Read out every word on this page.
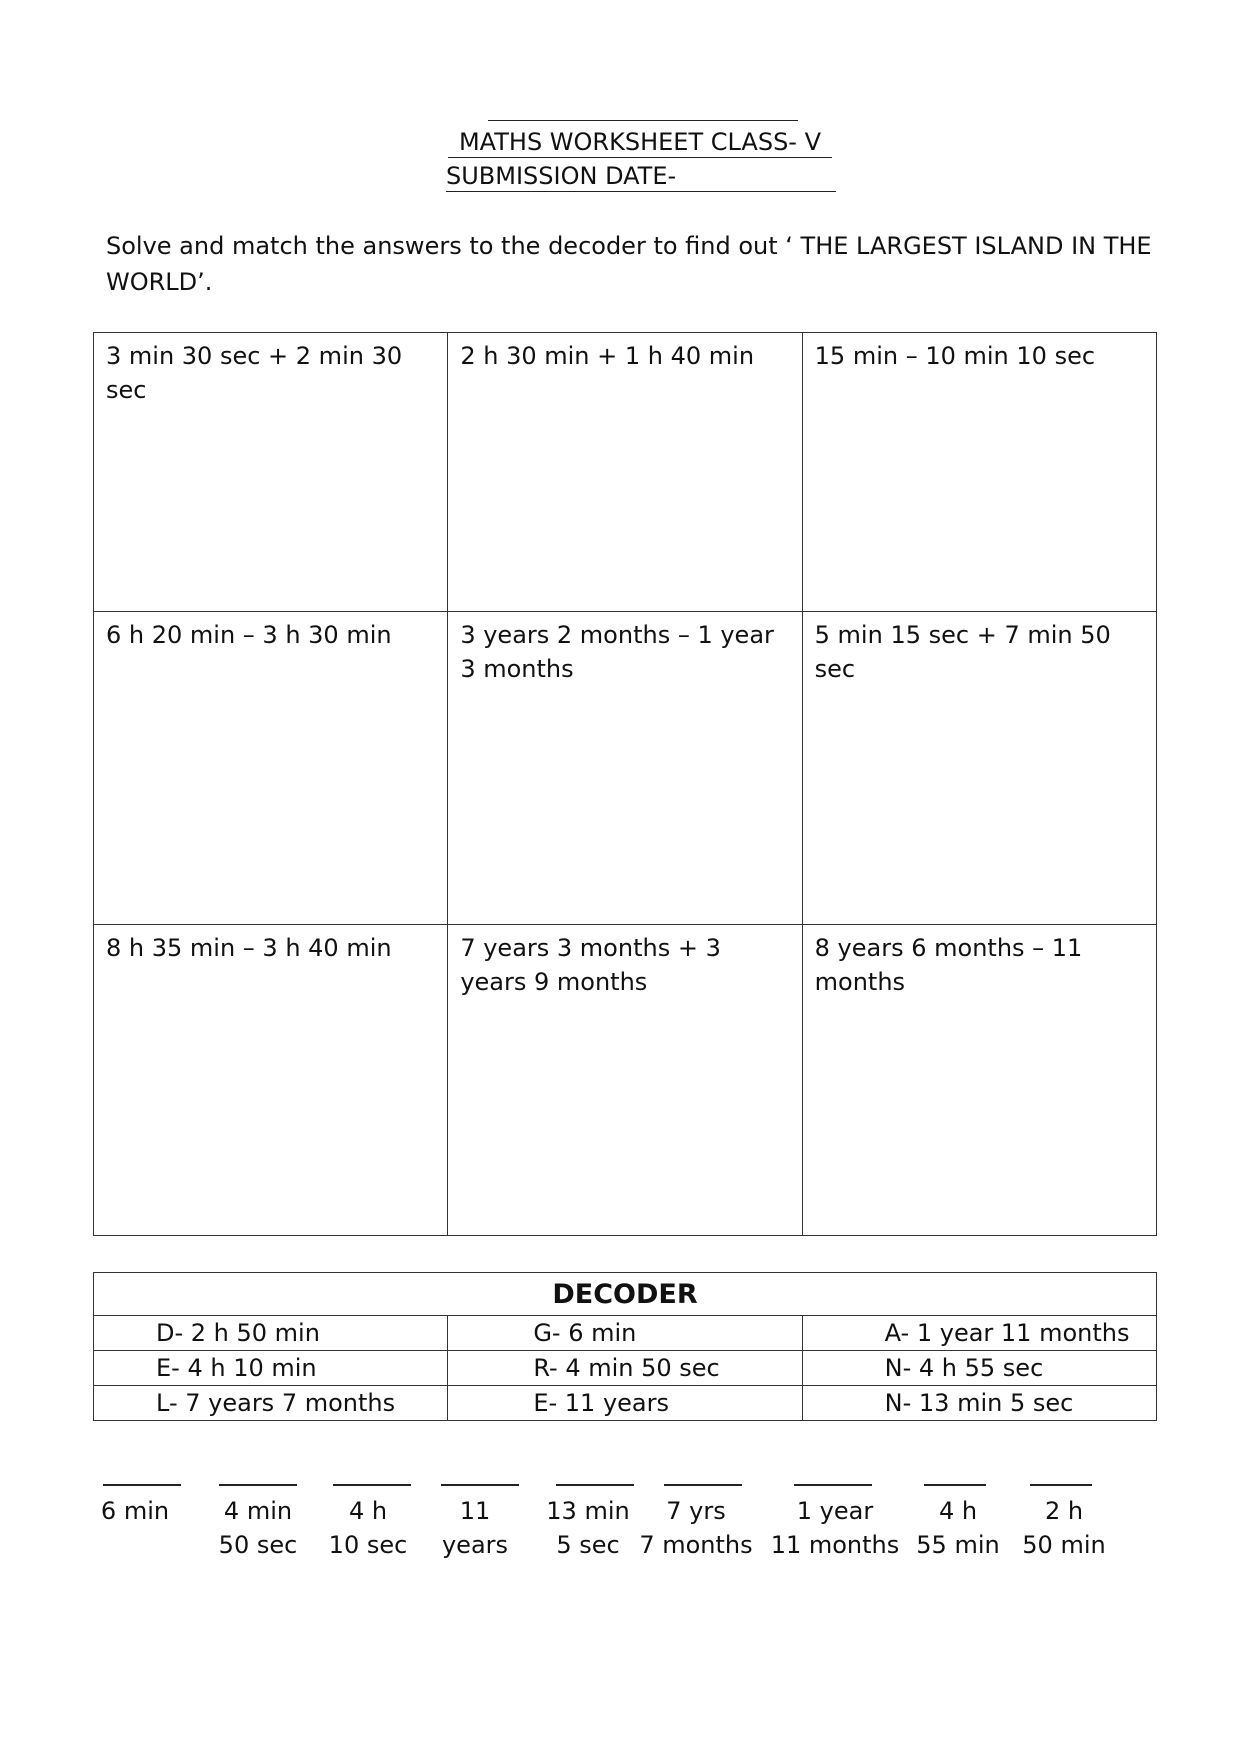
MATHS WORKSHEET CLASS- V
SUBMISSION DATE-

Solve and match the answers to the decoder to find out ‘ THE LARGEST ISLAND IN THE WORLD’.

3 min 30 sec + 2 min 30 sec	2 h 30 min + 1 h 40 min	15 min – 10 min 10 sec
6 h 20 min – 3 h 30 min	3 years 2 months – 1 year 3 months	5 min 15 sec + 7 min 50 sec
8 h 35 min – 3 h 40 min	7 years 3 months + 3 years 9 months	8 years 6 months – 11 months
DECODER		
D- 2 h 50 min	G- 6 min	A- 1 year 11 months
E- 4 h 10 min	R- 4 min 50 sec	N- 4 h 55 sec
L- 7 years 7 months	E- 11 years	N- 13 min 5 sec
6 min	4 min
50 sec
4 h
10 sec
11
years
13 min
5 sec
7 yrs
7 months
1 year
11 months
4 h
55 min
2 h
50 min
